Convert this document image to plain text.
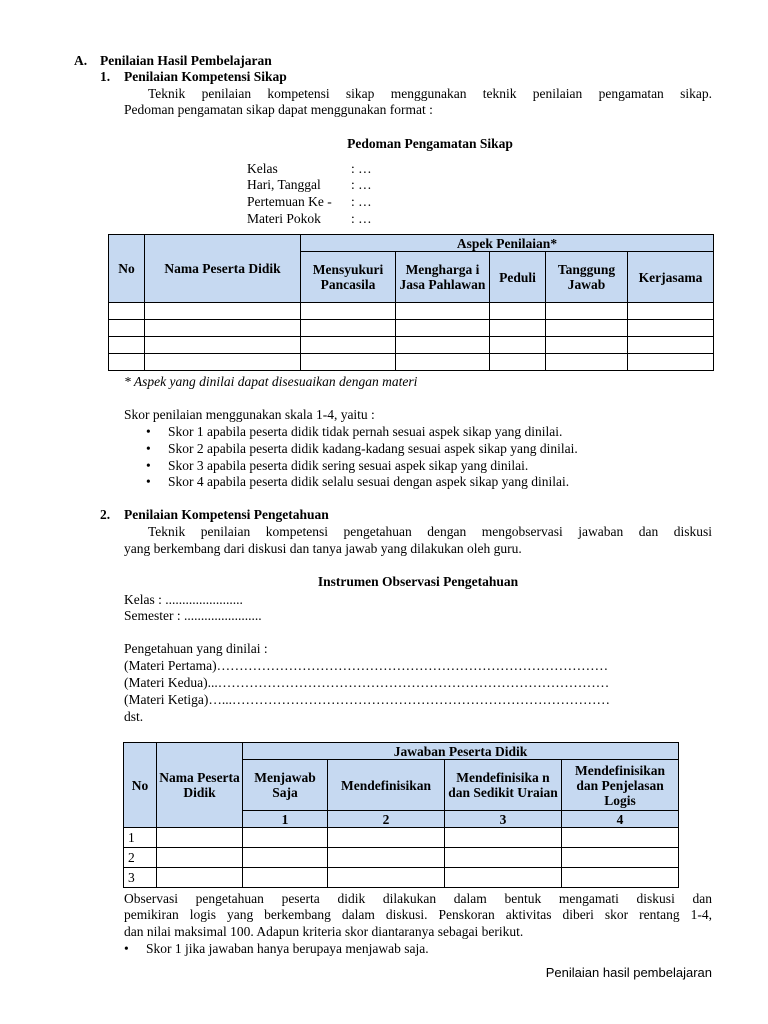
A. Penilaian Hasil Pembelajaran
1. Penilaian Kompetensi Sikap
Teknik penilaian kompetensi sikap menggunakan teknik penilaian pengamatan sikap.
Pedoman pengamatan sikap dapat menggunakan format :
Pedoman Pengamatan Sikap
Kelas	: …
Hari, Tanggal : …
Pertemuan Ke - : …
Materi Pokok : …
No	Nama Peserta Didik	Aspek Penilaian*				
		Mensyukuri Pancasila	Mengharga i Jasa Pahlawan	Peduli	Tanggung Jawab	Kerjasama

* Aspek yang dinilai dapat disesuaikan dengan materi
Skor penilaian menggunakan skala 1-4, yaitu :
• Skor 1 apabila peserta didik tidak pernah sesuai aspek sikap yang dinilai.
• Skor 2 apabila peserta didik kadang-kadang sesuai aspek sikap yang dinilai.
• Skor 3 apabila peserta didik sering sesuai aspek sikap yang dinilai.
• Skor 4 apabila peserta didik selalu sesuai dengan aspek sikap yang dinilai.
2. Penilaian Kompetensi Pengetahuan
Teknik penilaian kompetensi pengetahuan dengan mengobservasi jawaban dan diskusi
yang berkembang dari diskusi dan tanya jawab yang dilakukan oleh guru.
Instrumen Observasi Pengetahuan
Kelas : .......................
Semester : .......................
Pengetahuan yang dinilai :
(Materi Pertama)……………………………………………………………………………
(Materi Kedua)...……………………………………………………………………………
(Materi Ketiga)…...…………………………………………………………………………
dst.
No	Nama Peserta Didik	Jawaban Peserta Didik			
		Menjawab Saja	Mendefinisikan	Mendefinisika n dan Sedikit Uraian	Mendefinisikan dan Penjelasan Logis
		1	2	3	4
1					
2					
3					
Observasi pengetahuan peserta didik dilakukan dalam bentuk mengamati diskusi dan
pemikiran logis yang berkembang dalam diskusi. Penskoran aktivitas diberi skor rentang 1-4,
dan nilai maksimal 100. Adapun kriteria skor diantaranya sebagai berikut.
• Skor 1 jika jawaban hanya berupaya menjawab saja.
Penilaian hasil pembelajaran
